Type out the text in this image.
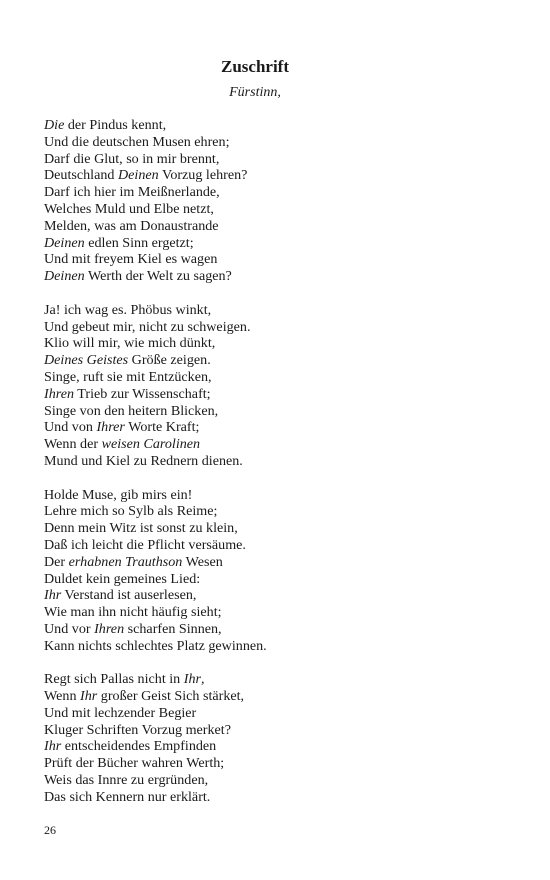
Zuschrift
Fürstinn,
Die der Pindus kennt,
Und die deutschen Musen ehren;
Darf die Glut, so in mir brennt,
Deutschland Deinen Vorzug lehren?
Darf ich hier im Meißnerlande,
Welches Muld und Elbe netzt,
Melden, was am Donaustrande
Deinen edlen Sinn ergetzt;
Und mit freyem Kiel es wagen
Deinen Werth der Welt zu sagen?
Ja! ich wag es. Phöbus winkt,
Und gebeut mir, nicht zu schweigen.
Klio will mir, wie mich dünkt,
Deines Geistes Größe zeigen.
Singe, ruft sie mit Entzücken,
Ihren Trieb zur Wissenschaft;
Singe von den heitern Blicken,
Und von Ihrer Worte Kraft;
Wenn der weisen Carolinen
Mund und Kiel zu Rednern dienen.
Holde Muse, gib mirs ein!
Lehre mich so Sylb als Reime;
Denn mein Witz ist sonst zu klein,
Daß ich leicht die Pflicht versäume.
Der erhabnen Trauthson Wesen
Duldet kein gemeines Lied:
Ihr Verstand ist auserlesen,
Wie man ihn nicht häufig sieht;
Und vor Ihren scharfen Sinnen,
Kann nichts schlechtes Platz gewinnen.
Regt sich Pallas nicht in Ihr,
Wenn Ihr großer Geist Sich stärket,
Und mit lechzender Begier
Kluger Schriften Vorzug merket?
Ihr entscheidendes Empfinden
Prüft der Bücher wahren Werth;
Weis das Innre zu ergründen,
Das sich Kennern nur erklärt.
26
